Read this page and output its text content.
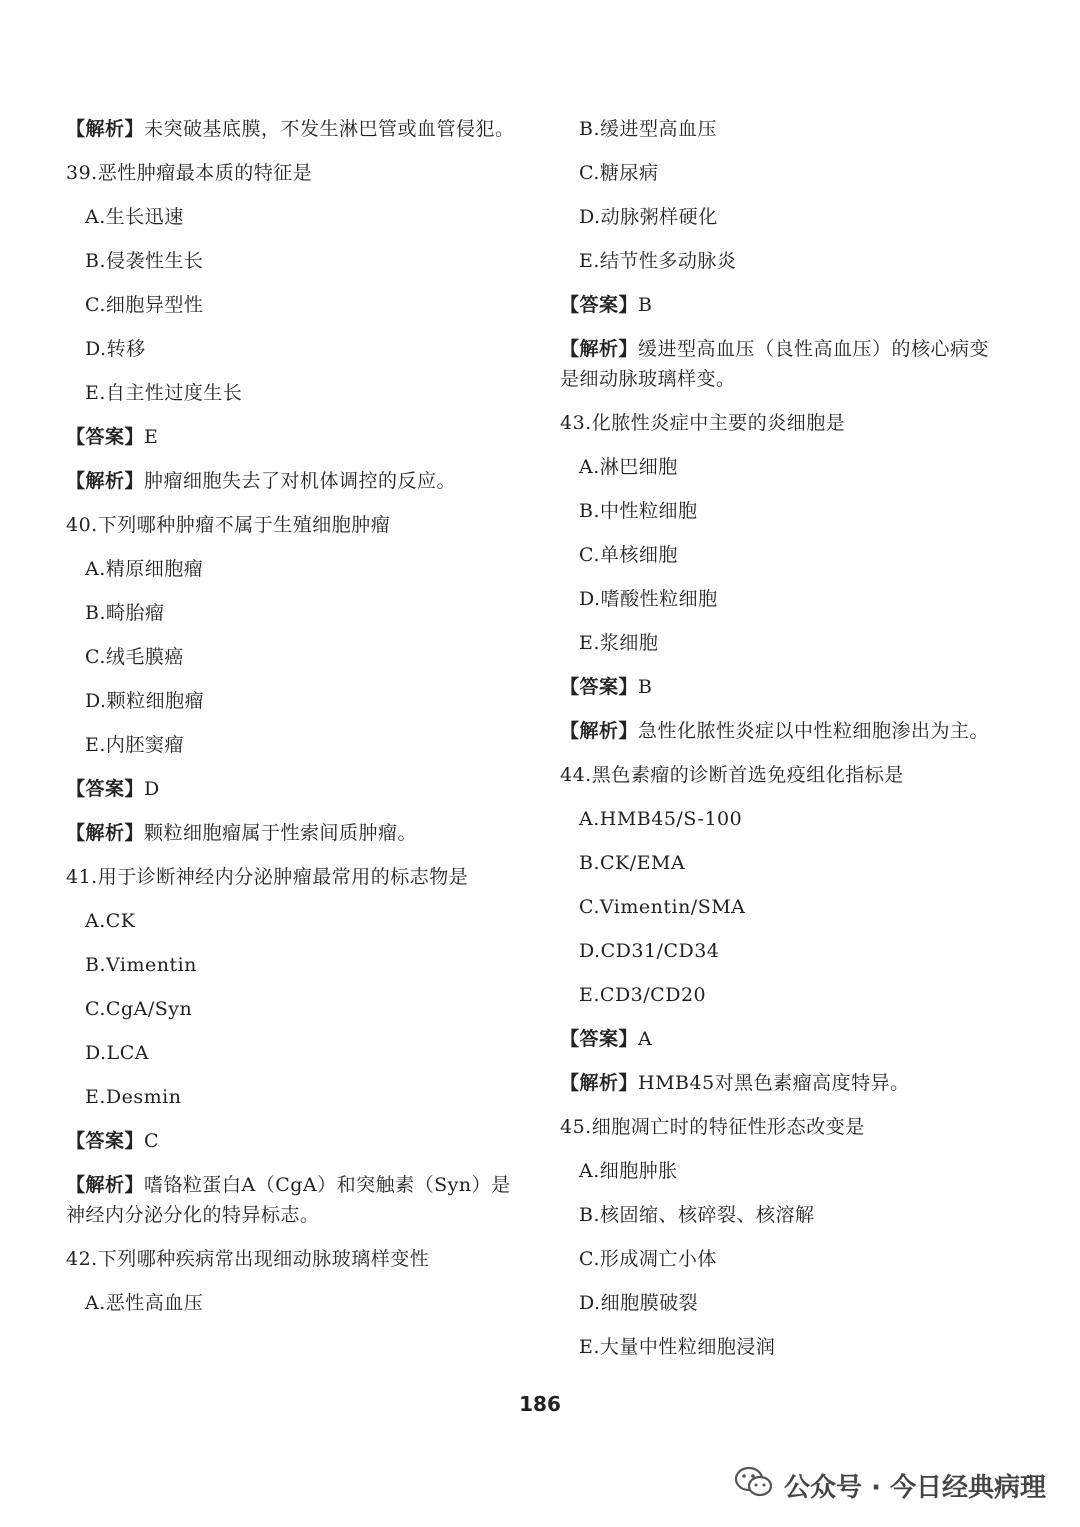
【解析】未突破基底膜，不发生淋巴管或血管侵犯。

39.恶性肿瘤最本质的特征是

A.生长迅速

B.侵袭性生长

C.细胞异型性

D.转移

E.自主性过度生长

【答案】E

【解析】肿瘤细胞失去了对机体调控的反应。

40.下列哪种肿瘤不属于生殖细胞肿瘤

A.精原细胞瘤

B.畸胎瘤

C.绒毛膜癌

D.颗粒细胞瘤

E.内胚窦瘤

【答案】D

【解析】颗粒细胞瘤属于性索间质肿瘤。

41.用于诊断神经内分泌肿瘤最常用的标志物是

A.CK

B.Vimentin

C.CgA/Syn

D.LCA

E.Desmin

【答案】C

【解析】嗜铬粒蛋白A（CgA）和突触素（Syn）是神经内分泌分化的特异标志。

42.下列哪种疾病常出现细动脉玻璃样变性

A.恶性高血压

B.缓进型高血压

C.糖尿病

D.动脉粥样硬化

E.结节性多动脉炎

【答案】B

【解析】缓进型高血压（良性高血压）的核心病变是细动脉玻璃样变。

43.化脓性炎症中主要的炎细胞是

A.淋巴细胞

B.中性粒细胞

C.单核细胞

D.嗜酸性粒细胞

E.浆细胞

【答案】B

【解析】急性化脓性炎症以中性粒细胞渗出为主。

44.黑色素瘤的诊断首选免疫组化指标是

A.HMB45/S-100

B.CK/EMA

C.Vimentin/SMA

D.CD31/CD34

E.CD3/CD20

【答案】A

【解析】HMB45对黑色素瘤高度特异。

45.细胞凋亡时的特征性形态改变是

A.细胞肿胀

B.核固缩、核碎裂、核溶解

C.形成凋亡小体

D.细胞膜破裂

E.大量中性粒细胞浸润

186
公众号 · 今日经典病理
